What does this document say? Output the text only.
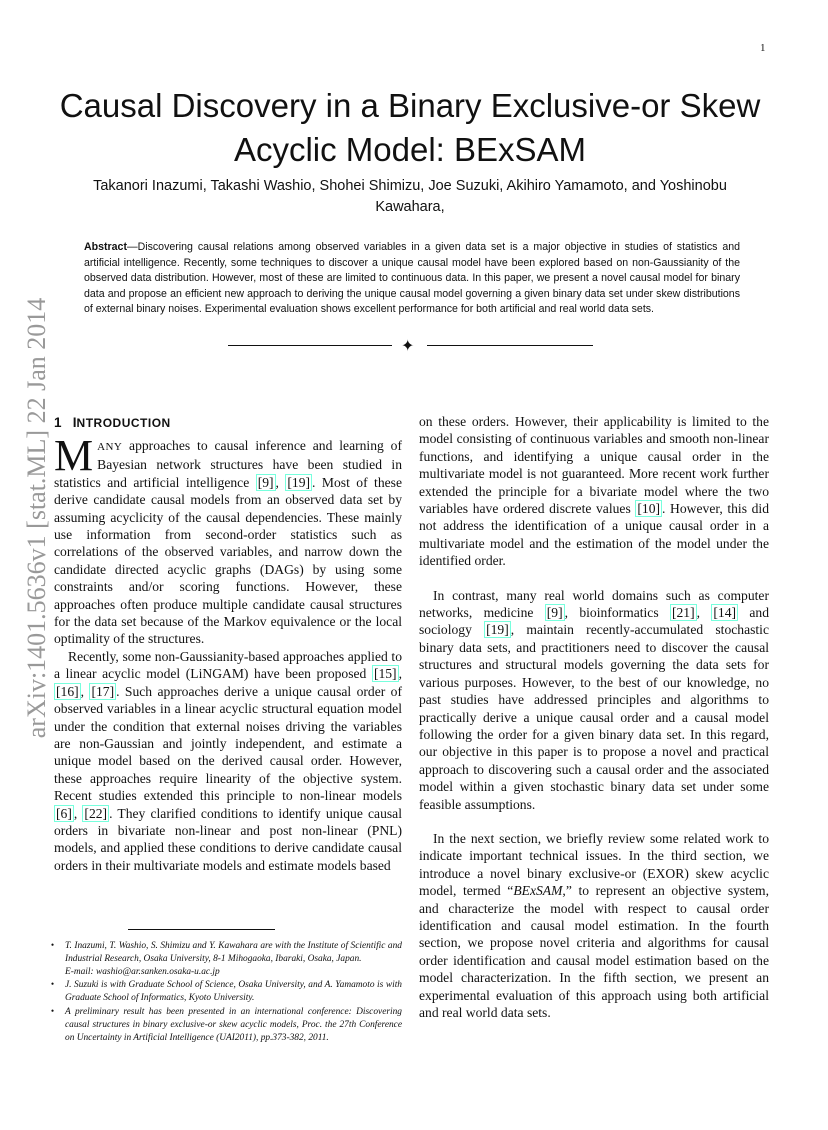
1
arXiv:1401.5636v1 [stat.ML] 22 Jan 2014
Causal Discovery in a Binary Exclusive-or Skew Acyclic Model: BExSAM
Takanori Inazumi, Takashi Washio, Shohei Shimizu, Joe Suzuki, Akihiro Yamamoto, and Yoshinobu Kawahara,
Abstract—Discovering causal relations among observed variables in a given data set is a major objective in studies of statistics and artificial intelligence. Recently, some techniques to discover a unique causal model have been explored based on non-Gaussianity of the observed data distribution. However, most of these are limited to continuous data. In this paper, we present a novel causal model for binary data and propose an efficient new approach to deriving the unique causal model governing a given binary data set under skew distributions of external binary noises. Experimental evaluation shows excellent performance for both artificial and real world data sets.
✦
1 INTRODUCTION

MANY approaches to causal inference and learning of Bayesian network structures have been studied in statistics and artificial intelligence [9] , [19] . Most of these derive candidate causal models from an observed data set by assuming acyclicity of the causal dependencies. These mainly use information from second-order statistics such as correlations of the observed variables, and narrow down the candidate directed acyclic graphs (DAGs) by using some constraints and/or scoring functions. However, these approaches often produce multiple candidate causal structures for the data set because of the Markov equivalence or the local optimality of the structures.

Recently, some non-Gaussianity-based approaches applied to a linear acyclic model (LiNGAM) have been proposed [15] , [16] , [17] . Such approaches derive a unique causal order of observed variables in a linear acyclic structural equation model under the condition that external noises driving the variables are non-Gaussian and jointly independent, and estimate a unique model based on the derived causal order. However, these approaches require linearity of the objective system. Recent studies extended this principle to non-linear models [6] , [22] . They clarified conditions to identify unique causal orders in bivariate non-linear and post non-linear (PNL) models, and applied these conditions to derive candidate causal orders in their multivariate models and estimate models based

on these orders. However, their applicability is limited to the model consisting of continuous variables and smooth non-linear functions, and identifying a unique causal order in the multivariate model is not guaranteed. More recent work further extended the principle for a bivariate model where the two variables have ordered discrete values [10] . However, this did not address the identification of a unique causal order in a multivariate model and the estimation of the model under the identified order.

In contrast, many real world domains such as computer networks, medicine [9] , bioinformatics [21] , [14] and sociology [19] , maintain recently-accumulated stochastic binary data sets, and practitioners need to discover the causal structures and structural models governing the data sets for various purposes. However, to the best of our knowledge, no past studies have addressed principles and algorithms to practically derive a unique causal order and a causal model following the order for a given binary data set. In this regard, our objective in this paper is to propose a novel and practical approach to discovering such a causal order and the associated model within a given stochastic binary data set under some feasible assumptions.

In the next section, we briefly review some related work to indicate important technical issues. In the third section, we introduce a novel binary exclusive-or (EXOR) skew acyclic model, termed “BExSAM,” to represent an objective system, and characterize the model with respect to causal order identification and causal model estimation. In the fourth section, we propose novel criteria and algorithms for causal order identification and causal model estimation based on the model characterization. In the fifth section, we present an experimental evaluation of this approach using both artificial and real world data sets.

•	T. Inazumi, T. Washio, S. Shimizu and Y. Kawahara are with the Institute of Scientific and Industrial Research, Osaka University, 8-1 Mihogaoka, Ibaraki, Osaka, Japan.
E-mail: washio@ar.sanken.osaka-u.ac.jp
•	J. Suzuki is with Graduate School of Science, Osaka University, and A. Yamamoto is with Graduate School of Informatics, Kyoto University.
•	A preliminary result has been presented in an international conference: Discovering causal structures in binary exclusive-or skew acyclic models, Proc. the 27th Conference on Uncertainty in Artificial Intelligence (UAI2011), pp.373-382, 2011.
